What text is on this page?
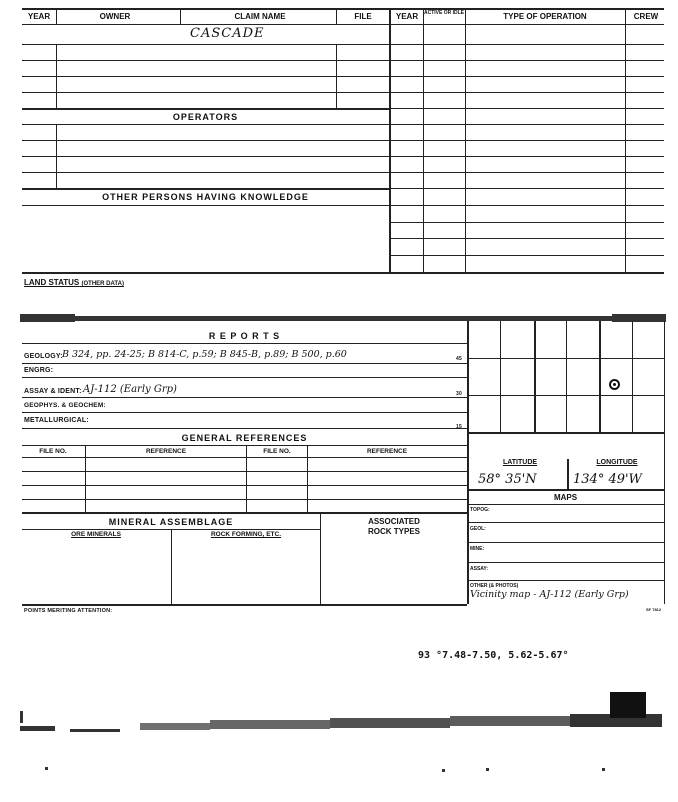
YEAR	OWNER	CLAIM NAME	FILE	YEAR	ACTIVE OR IDLE	TYPE OF OPERATION	CREW
CASCADE
OPERATORS
OTHER PERSONS HAVING KNOWLEDGE
LAND STATUS (OTHER DATA)
R E P O R T S
GEOLOGY: B 324, pp. 24-25; B 814-C, p.59; B 845-B, p.89; B 500, p.60	45
ENGRG:
ASSAY & IDENT: AJ-112 (Early Grp)	30
GEOPHYS. & GEOCHEM:
METALLURGICAL:
15
GENERAL REFERENCES
FILE NO.	REFERENCE	FILE NO.	REFERENCE
MINERAL ASSEMBLAGE
ORE MINERALS	ROCK FORMING, ETC.
ASSOCIATED
ROCK TYPES
POINTS MERITING ATTENTION:
LATITUDE	LONGITUDE
58° 35'N	134° 49'W
MAPS
TOPOG:
GEOL:
MINE:
ASSAY:
OTHER (& PHOTOS)
Vicinity map - AJ-112 (Early Grp)
SF 7812
93 °7.48-7.50, 5.62-5.67°
